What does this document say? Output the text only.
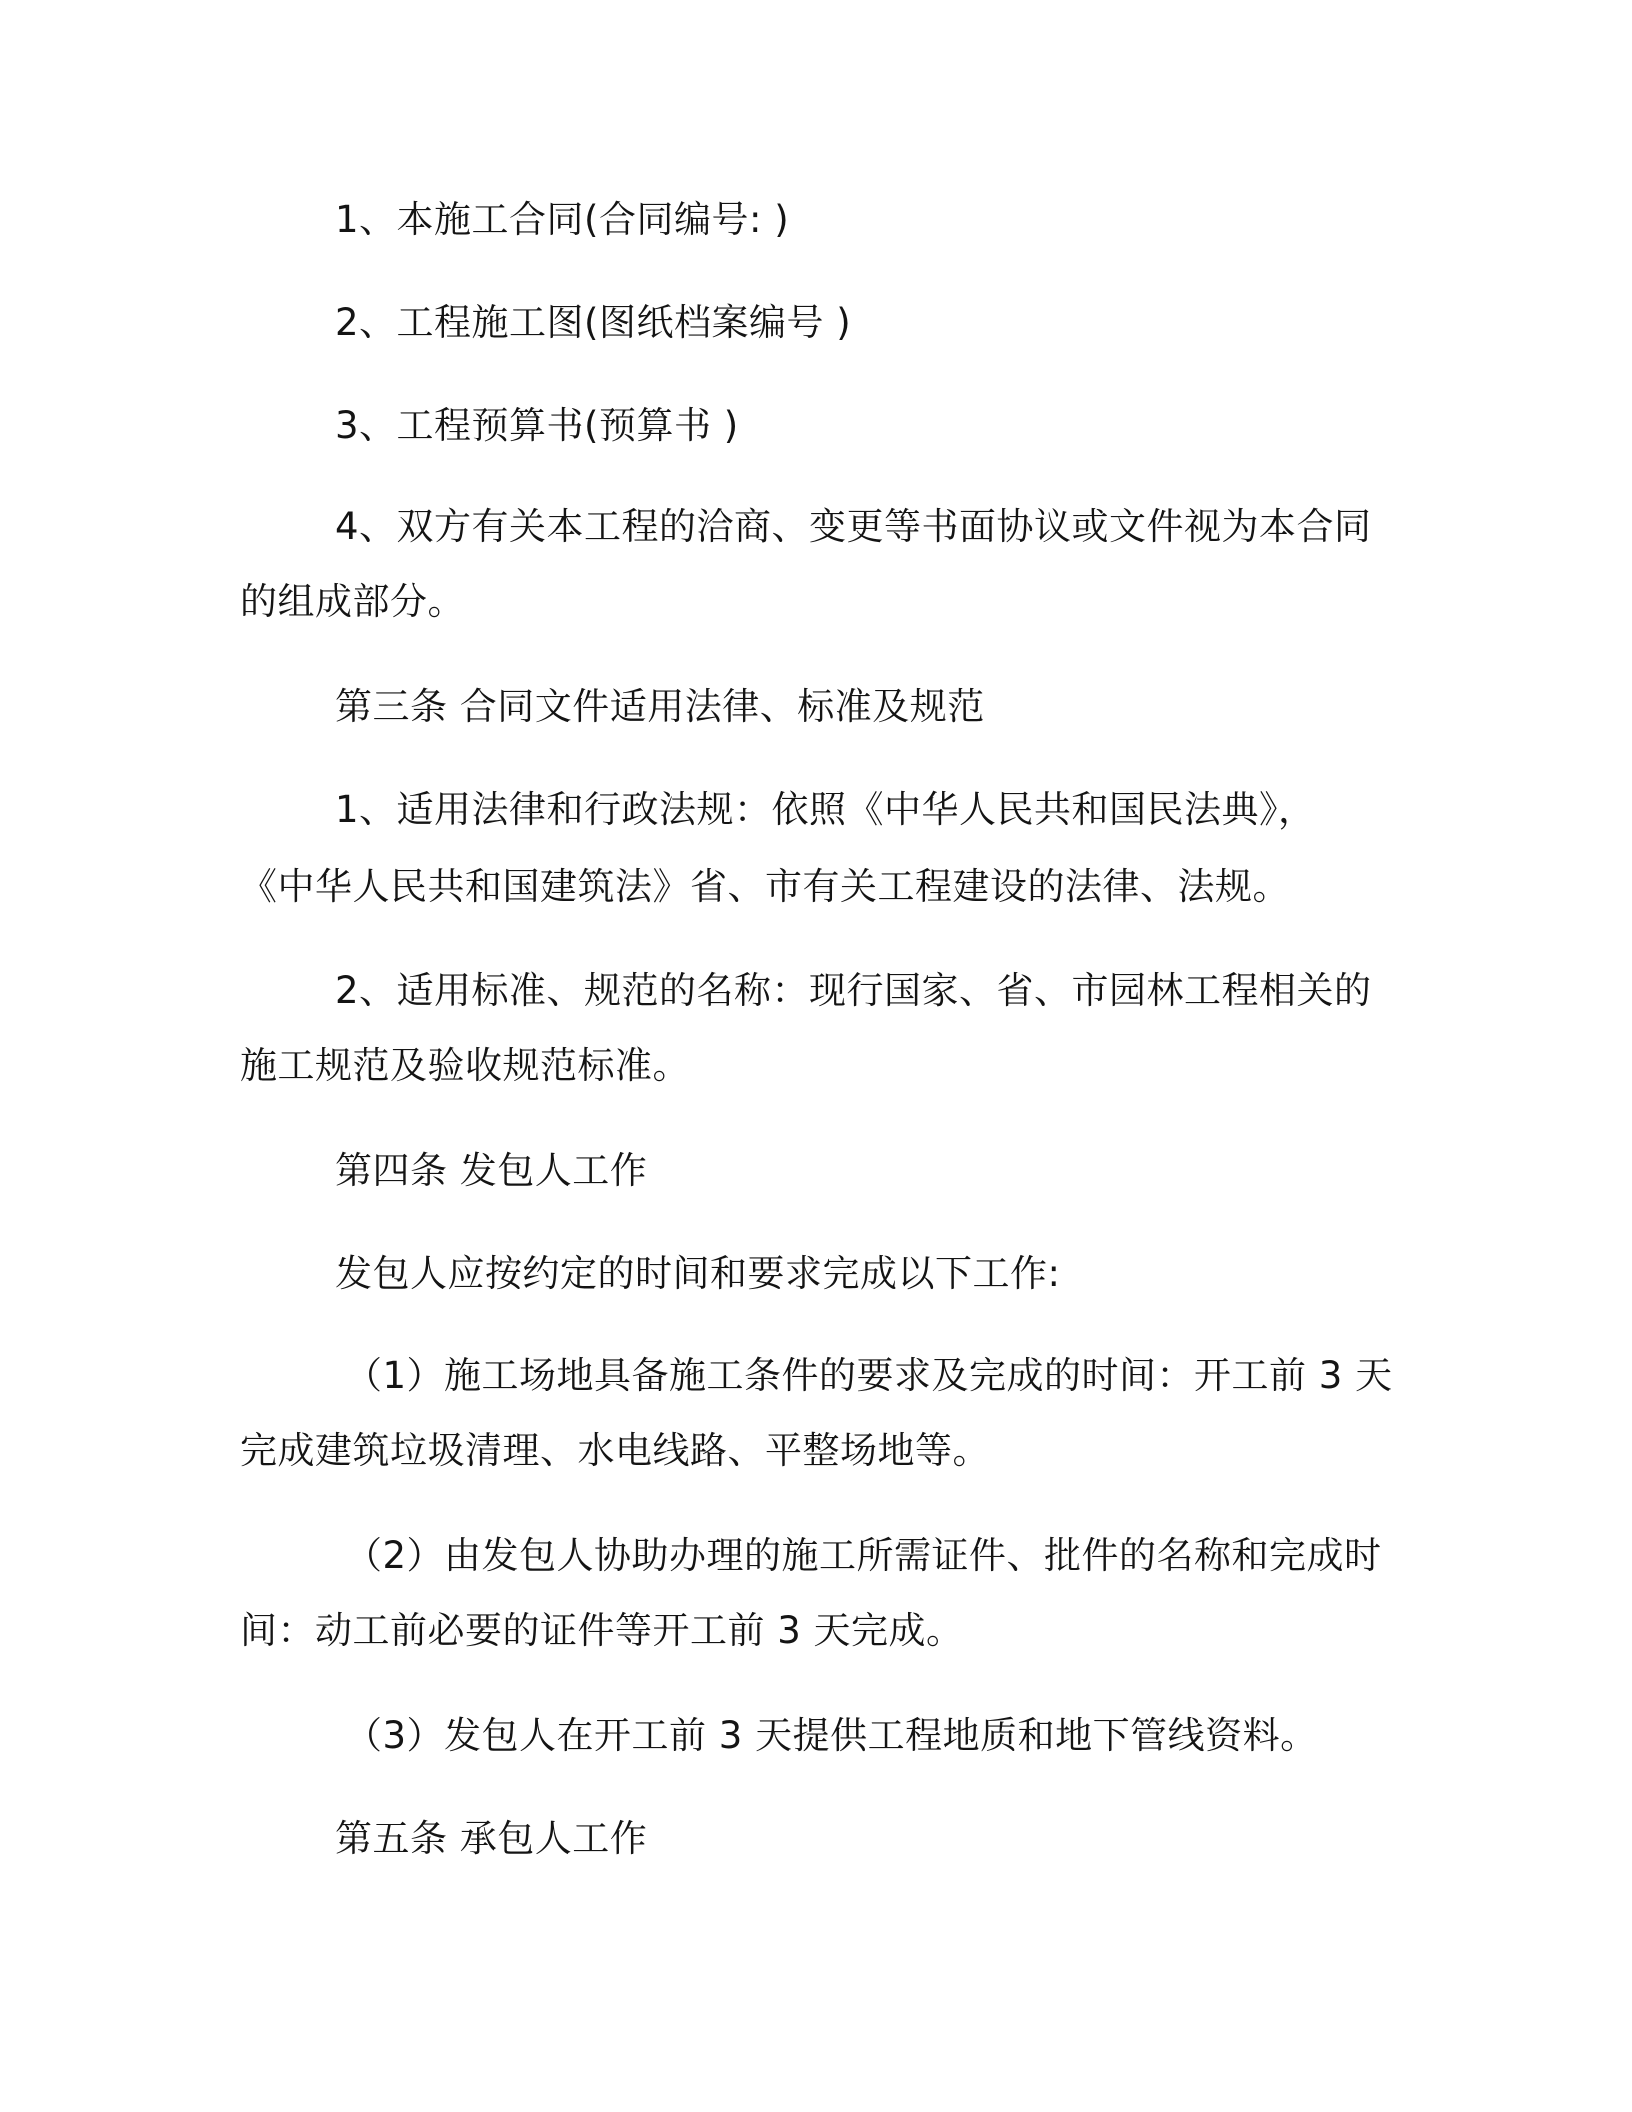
1、本施工合同(合同编号: )
2、工程施工图(图纸档案编号 )
3、工程预算书(预算书 )
4、双方有关本工程的洽商、变更等书面协议或文件视为本合同
的组成部分。
第三条 合同文件适用法律、标准及规范
1、适用法律和行政法规：依照《中华人民共和国民法典》，
《中华人民共和国建筑法》省、市有关工程建设的法律、法规。
2、适用标准、规范的名称：现行国家、省、市园林工程相关的
施工规范及验收规范标准。
第四条 发包人工作
发包人应按约定的时间和要求完成以下工作:
（1）施工场地具备施工条件的要求及完成的时间：开工前 3 天
完成建筑垃圾清理、水电线路、平整场地等。
（2）由发包人协助办理的施工所需证件、批件的名称和完成时
间：动工前必要的证件等开工前 3 天完成。
（3）发包人在开工前 3 天提供工程地质和地下管线资料。
第五条 承包人工作
